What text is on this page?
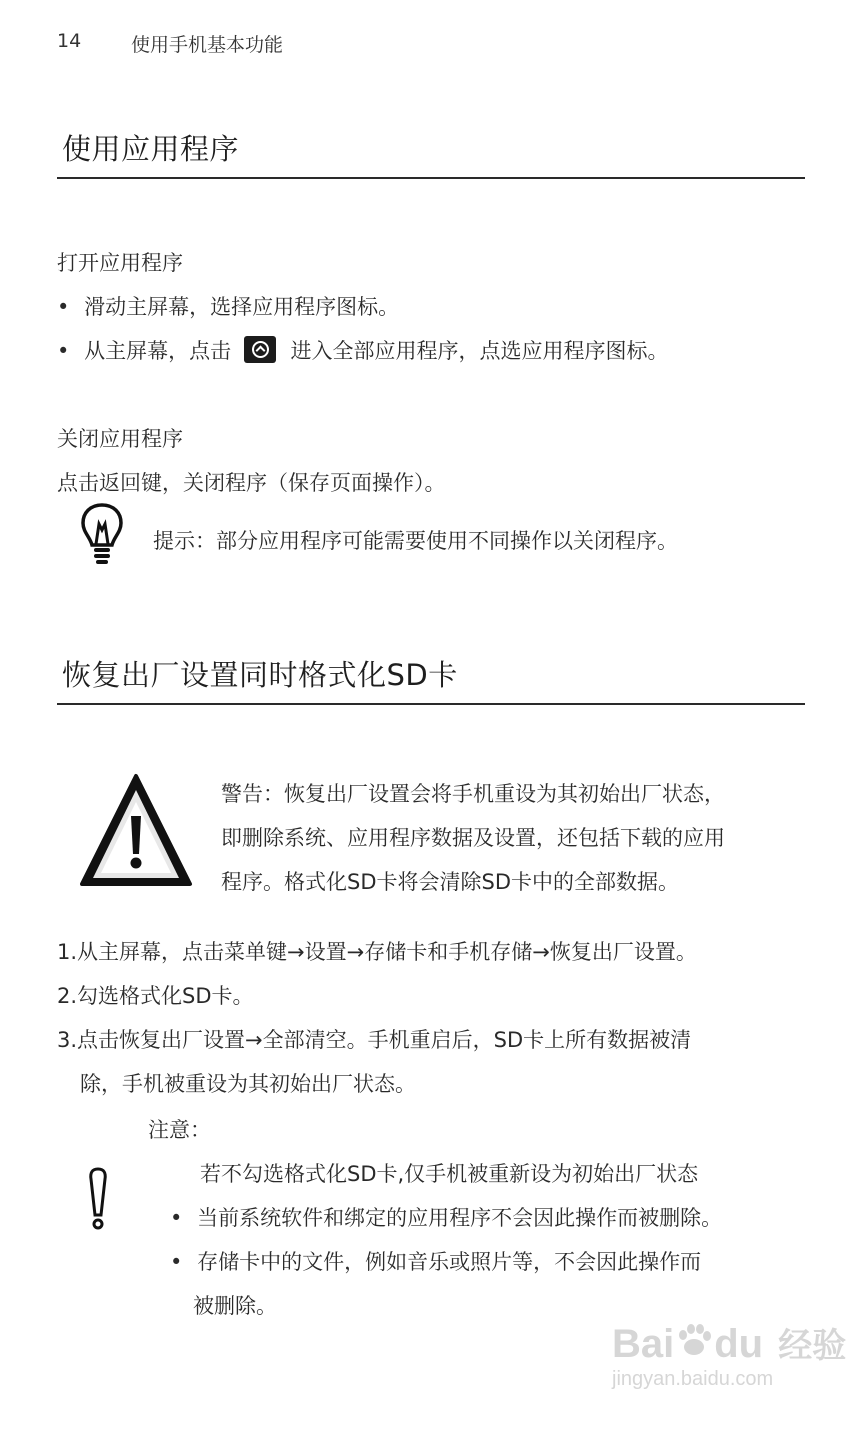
14	使用手机基本功能
使用应用程序
打开应用程序
• 滑动主屏幕，选择应用程序图标。
• 从主屏幕，点击	进入全部应用程序，点选应用程序图标。
关闭应用程序
点击返回键，关闭程序（保存页面操作）。
提示：部分应用程序可能需要使用不同操作以关闭程序。
恢复出厂设置同时格式化SD卡
警告：恢复出厂设置会将手机重设为其初始出厂状态，
即删除系统、应用程序数据及设置，还包括下载的应用
程序。格式化SD卡将会清除SD卡中的全部数据。
1.从主屏幕，点击菜单键→设置→存储卡和手机存储→恢复出厂设置。
2.勾选格式化SD卡。
3.点击恢复出厂设置→全部清空。手机重启后，SD卡上所有数据被清
除，手机被重设为其初始出厂状态。
注意：
若不勾选格式化SD卡,仅手机被重新设为初始出厂状态
• 当前系统软件和绑定的应用程序不会因此操作而被删除。
• 存储卡中的文件，例如音乐或照片等，不会因此操作而
被删除。
Bai du 经验
jingyan.baidu.com
